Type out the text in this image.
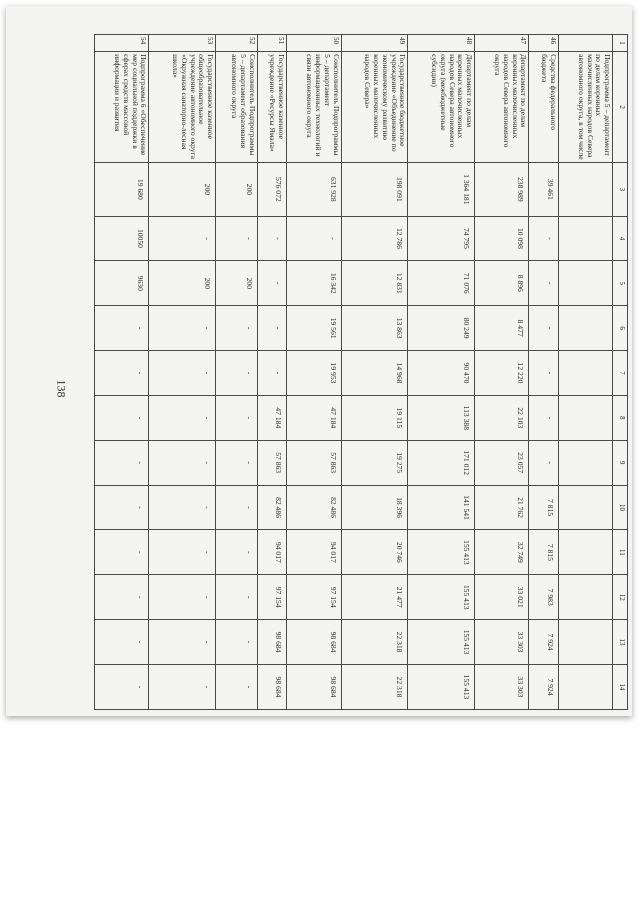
138
1	2	3	4	5	6	7	8	9	10	11	12	13	14
	Подпрограмма 5 – департамент по делам коренных малочисленных народов Севера автономного округа, в том числе												
46	Средства федерального бюджета	39 461	-	-	-	-	-	-	7 815	7 815	7 983	7 924	7 924
47	Департамент по делам коренных малочисленных народов Севера автономного округа	238 989	10 098	8 896	8 477	12 220	22 103	23 057	21 762	32 749	33 021	33 303	33 303
48	Департамент по делам коренных малочисленных народов Севера автономного округа (межбюджетные субсидии)	1 364 181	74 795	71 076	80 249	90 470	113 388	171 012	141 541	155 413	155 413	155 413	155 413
49	Государственное бюджетное учреждение «Объединение по экономическому развитию коренных малочисленных народов Севера»	198 091	12 786	12 831	13 863	14 968	19 115	19 275	18 396	20 746	21 477	22 318	22 318
50	Соисполнитель Подпрограммы 5 – департамент информационных технологий и связи автономного округа	631 928	-	16 342	19 561	19 953	47 184	57 863	82 486	94 017	97 154	98 684	98 684
51	Государственное казенное учреждение «Ресурсы Ямала»	576 072	-	-	-	-	47 184	57 863	82 486	94 017	97 154	98 684	98 684
52	Соисполнитель Подпрограммы 5 – департамент образования автономного округа	200	-	200	-	-	-	-	-	-	-	-	-
53	Государственное казенное общеобразовательное учреждение автономного округа «Окружная санаторно-лесная школа»	200	-	200	-	-	-	-	-	-	-	-	-
54	Подпрограмма 6 «Обеспечение мер социальной поддержки в сферах средств массовой информации и развития	19 680	10050	9630	-	-	-	-	-	-	-	-	-
